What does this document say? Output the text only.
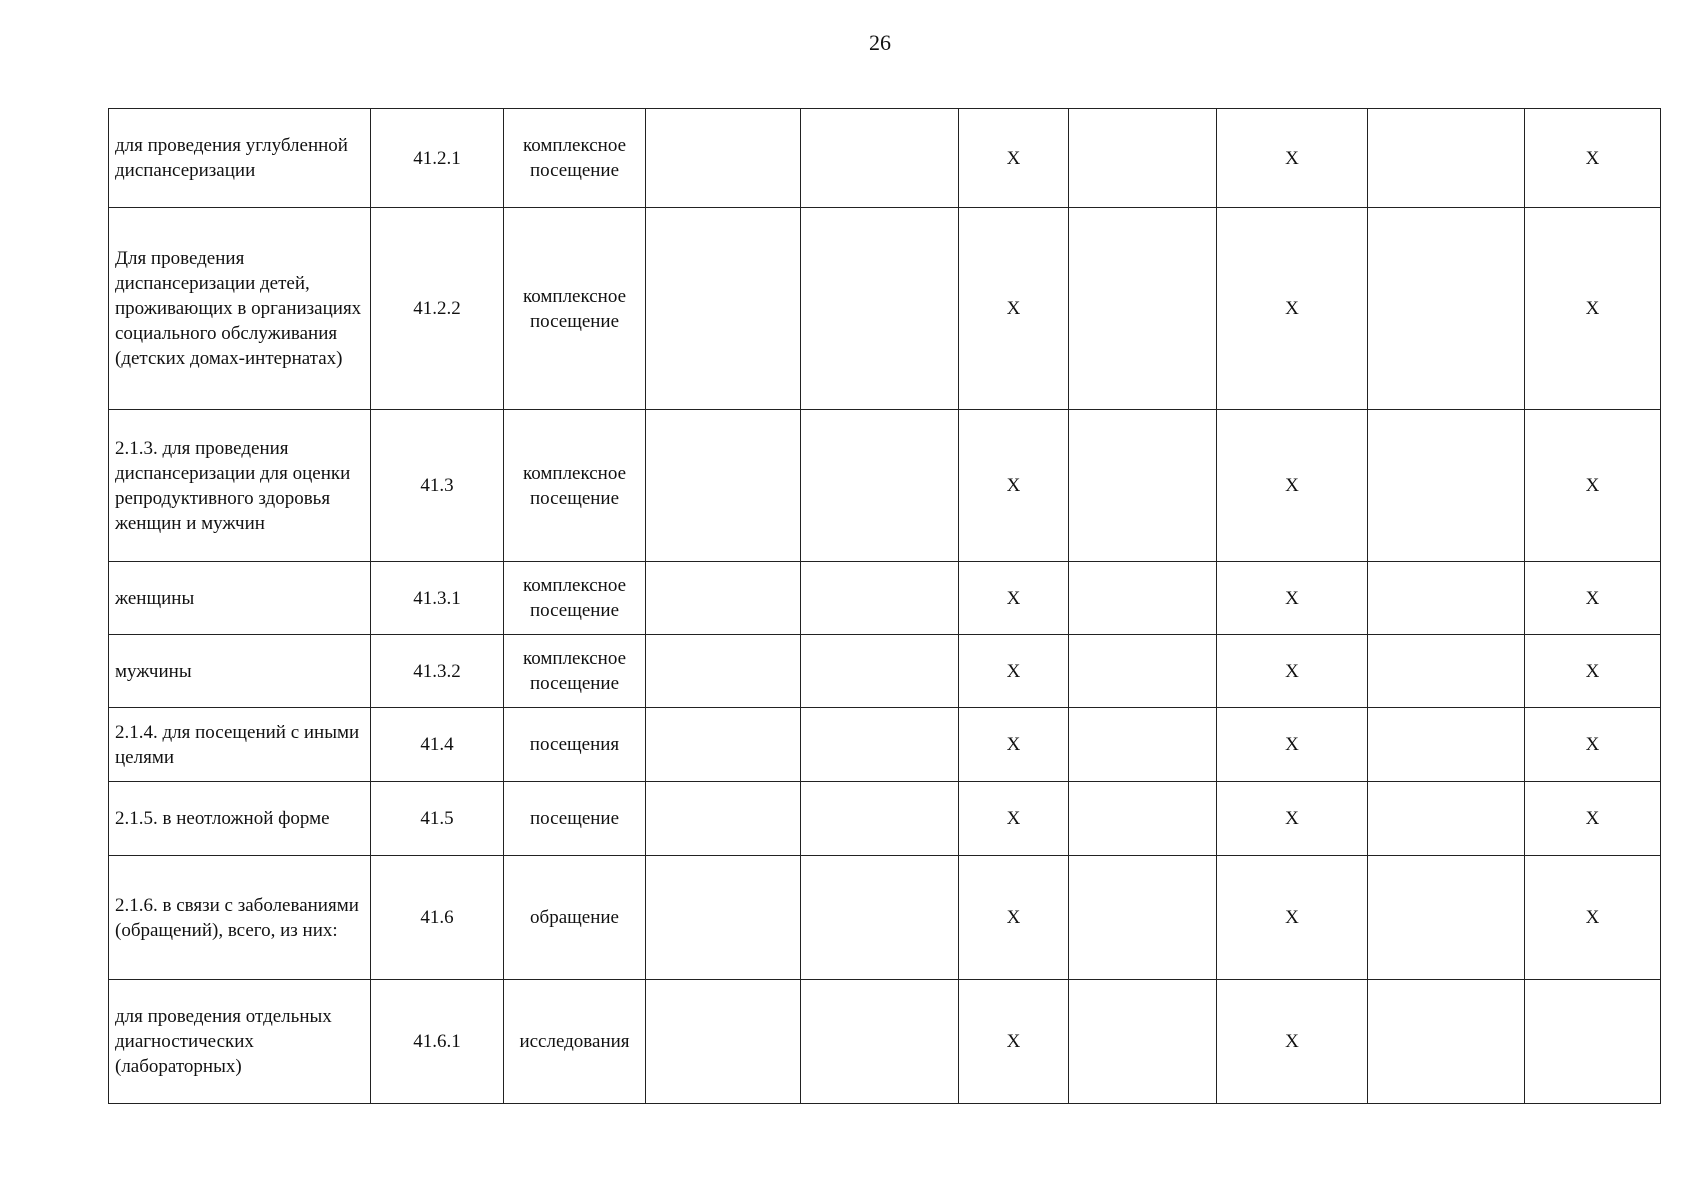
26
для проведения углубленной диспансеризации	41.2.1	комплексное посещение			X		X		X
Для проведения диспансеризации детей, проживающих в организациях социального обслуживания (детских домах-интернатах)	41.2.2	комплексное посещение			X		X		X
2.1.3. для проведения диспансеризации для оценки репродуктивного здоровья женщин и мужчин	41.3	комплексное посещение			X		X		X
женщины	41.3.1	комплексное посещение			X		X		X
мужчины	41.3.2	комплексное посещение			X		X		X
2.1.4. для посещений с иными целями	41.4	посещения			X		X		X
2.1.5. в неотложной форме	41.5	посещение			X		X		X
2.1.6. в связи с заболеваниями (обращений), всего, из них:	41.6	обращение			X		X		X
для проведения отдельных диагностических (лабораторных)	41.6.1	исследования			X		X		
